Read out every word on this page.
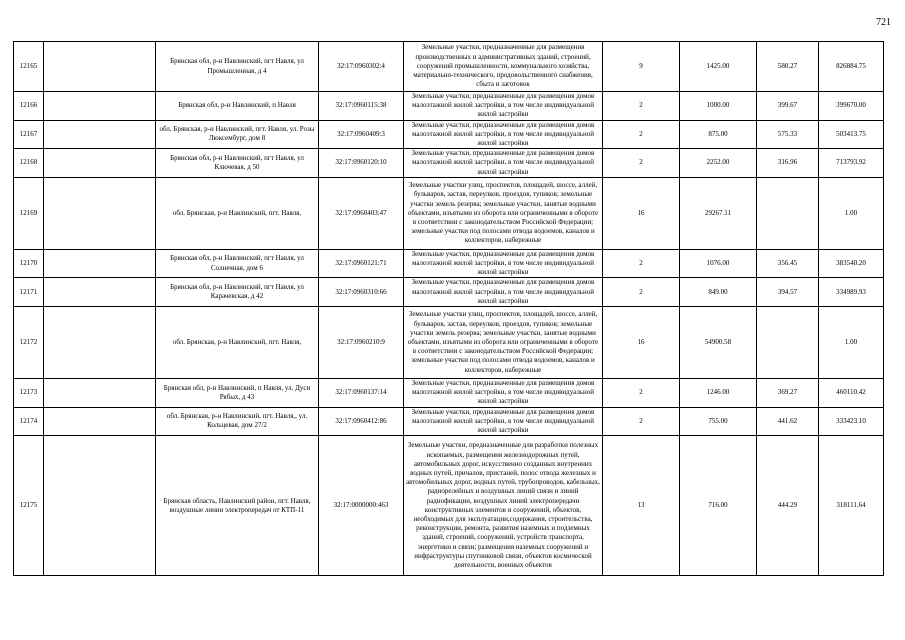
721
12165		Брянская обл, р-н Навлинский, пгт Навля, ул Промышленная, д 4	32:17:0960302:4	Земельные участки, предназначенные для размещения производственных и административных зданий, строений, сооружений промышленности, коммунального хозяйства, материально-технического, продовольственного снабжения, сбыта и заготовок	9	1425.00	580.27	826884.75
12166		Брянская обл, р-н Навлинский, п Навля	32:17:0960115:38	Земельные участки, предназначенные для размещения домов малоэтажной жилой застройки, в том числе индивидуальной жилой застройки	2	1000.00	399.67	399670.00
12167		обл. Брянская, р-н Навлинский, пгт. Навля, ул. Розы Люксембург, дом 8	32:17:0960409:3	Земельные участки, предназначенные для размещения домов малоэтажной жилой застройки, в том числе индивидуальной жилой застройки	2	875.00	575.33	503413.75
12168		Брянская обл, р-н Навлинский, пгт Навля, ул Ключевая, д 50	32:17:0960120:10	Земельные участки, предназначенные для размещения домов малоэтажной жилой застройки, в том числе индивидуальной жилой застройки	2	2252.00	316.96	713793.92
12169		обл. Брянская, р-н Навлинский, пгт. Навля,	32:17:0960403:47	Земельные участки улиц, проспектов, площадей, шоссе, аллей, бульваров, застав, переулков, проездов, тупиков; земельные участки земель резерва; земельные участки, занятые водными объектами, изъятыми из оборота или ограниченными в обороте в соответствии с законодательством Российской Федерации; земельные участки под полосами отвода водоемов, каналов и коллекторов, набережные	16	29267.11		1.00
12170		Брянская обл, р-н Навлинский, пгт Навля, ул Солнечная, дом 6	32:17:0960121:71	Земельные участки, предназначенные для размещения домов малоэтажной жилой застройки, в том числе индивидуальной жилой застройки	2	1076.00	356.45	383540.20
12171		Брянская обл, р-н Навлинский, пгт Навля, ул Карачевская, д 42	32:17:0960310:66	Земельные участки, предназначенные для размещения домов малоэтажной жилой застройки, в том числе индивидуальной жилой застройки	2	849.00	394.57	334989.93
12172		обл. Брянская, р-н Навлинский, пгт. Навля,	32:17:0960210:9	Земельные участки улиц, проспектов, площадей, шоссе, аллей, бульваров, застав, переулков, проездов, тупиков; земельные участки земель резерва; земельные участки, занятые водными объектами, изъятыми из оборота или ограниченными в обороте в соответствии с законодательством Российской Федерации; земельные участки под полосами отвода водоемов, каналов и коллекторов, набережные	16	54900.58		1.00
12173		Брянская обл, р-н Навлинский, п Навля, ул. Дуси Рябых, д 43	32:17:0960137:14	Земельные участки, предназначенные для размещения домов малоэтажной жилой застройки, в том числе индивидуальной жилой застройки	2	1246.00	369.27	460110.42
12174		обл. Брянская, р-н Навлинский, пгт. Навля,, ул. Кольцевая, дом 27/2	32:17:0960412:86	Земельные участки, предназначенные для размещения домов малоэтажной жилой застройки, в том числе индивидуальной жилой застройки	2	755.00	441.62	333423.10
12175		Брянская область, Навлинский район, пгт. Навля, воздушные линии электропередач от КТП-11	32:17:0000000:463	Земельные участки, предназначенные для разработки полезных ископаемых, размещения железнодорожных путей, автомобильных дорог, искусственно созданных внутренних водных путей, причалов, пристаней, полос отвода железных и автомобильных дорог, водных путей, трубопроводов, кабельных, радиорелейных и воздушных линий связи и линий радиофикации, воздушных линий электропередачи конструктивных элементов и сооружений, объектов, необходимых для эксплуатации,содержания, строительства, реконструкции, ремонта, развития наземных и подземных зданий, строений, сооружений, устройств транспорта, энергетики и связи; размещения наземных сооружений и инфраструктуры спутниковой связи, объектов космической деятельности, военных объектов	13	716.00	444.29	318111.64
